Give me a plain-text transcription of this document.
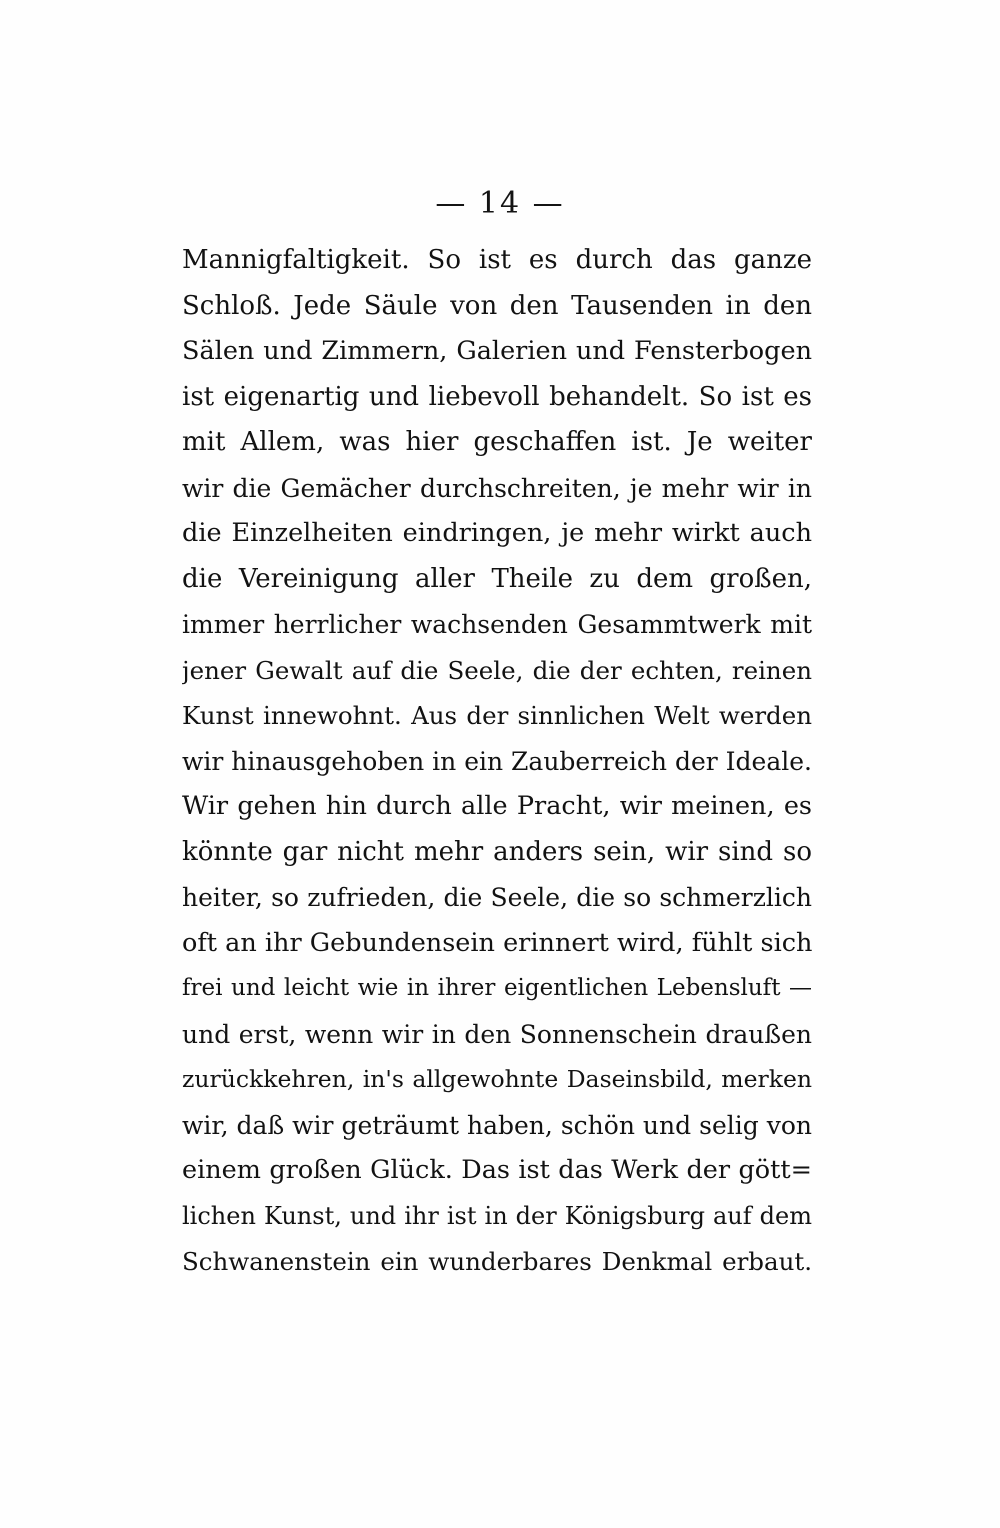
— 14 —
Mannigfaltigkeit. So ist es durch das ganze
Schloß. Jede Säule von den Tausenden in den
Sälen und Zimmern, Galerien und Fensterbogen
ist eigenartig und liebevoll behandelt. So ist es
mit Allem, was hier geschaffen ist. Je weiter
wir die Gemächer durchschreiten, je mehr wir in
die Einzelheiten eindringen, je mehr wirkt auch
die Vereinigung aller Theile zu dem großen,
immer herrlicher wachsenden Gesammtwerk mit
jener Gewalt auf die Seele, die der echten, reinen
Kunst innewohnt. Aus der sinnlichen Welt werden
wir hinausgehoben in ein Zauberreich der Ideale.
Wir gehen hin durch alle Pracht, wir meinen, es
könnte gar nicht mehr anders sein, wir sind so
heiter, so zufrieden, die Seele, die so schmerzlich
oft an ihr Gebundensein erinnert wird, fühlt sich
frei und leicht wie in ihrer eigentlichen Lebensluft —
und erst, wenn wir in den Sonnenschein draußen
zurückkehren, in's allgewohnte Daseinsbild, merken
wir, daß wir geträumt haben, schön und selig von
einem großen Glück. Das ist das Werk der gött=
lichen Kunst, und ihr ist in der Königsburg auf dem
Schwanenstein ein wunderbares Denkmal erbaut.
